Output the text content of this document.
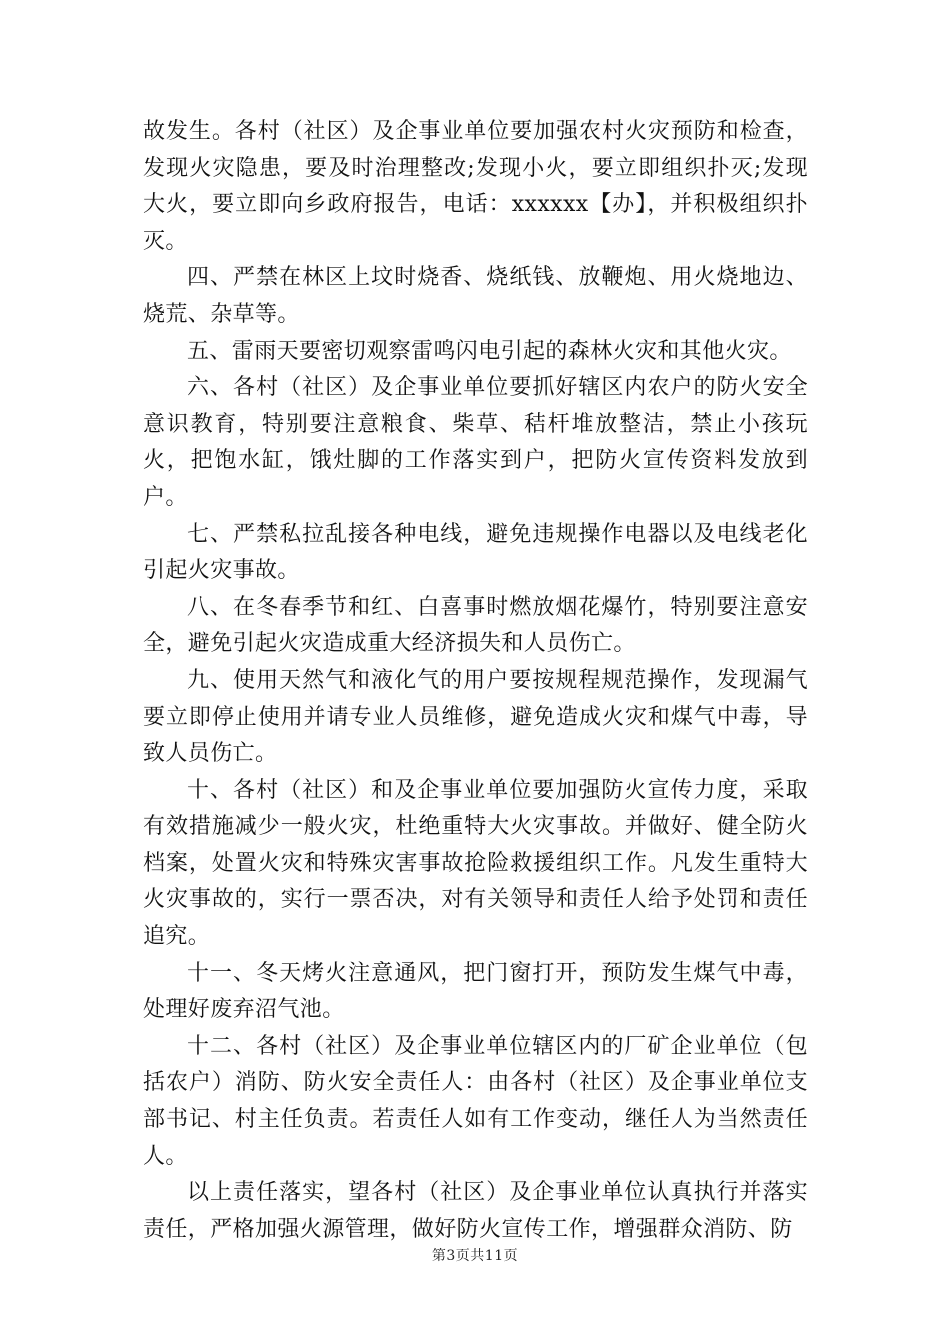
故发生。各村（社区）及企事业单位要加强农村火灾预防和检查，发现火灾隐患，要及时治理整改;发现小火，要立即组织扑灭;发现大火，要立即向乡政府报告，电话：xxxxxx【办】，并积极组织扑灭。

四、严禁在林区上坟时烧香、烧纸钱、放鞭炮、用火烧地边、烧荒、杂草等。

五、雷雨天要密切观察雷鸣闪电引起的森林火灾和其他火灾。

六、各村（社区）及企事业单位要抓好辖区内农户的防火安全意识教育，特别要注意粮食、柴草、秸杆堆放整洁，禁止小孩玩火，把饱水缸，饿灶脚的工作落实到户，把防火宣传资料发放到户。

七、严禁私拉乱接各种电线，避免违规操作电器以及电线老化引起火灾事故。

八、在冬春季节和红、白喜事时燃放烟花爆竹，特别要注意安全，避免引起火灾造成重大经济损失和人员伤亡。

九、使用天然气和液化气的用户要按规程规范操作，发现漏气要立即停止使用并请专业人员维修，避免造成火灾和煤气中毒，导致人员伤亡。

十、各村（社区）和及企事业单位要加强防火宣传力度，采取有效措施减少一般火灾，杜绝重特大火灾事故。并做好、健全防火档案，处置火灾和特殊灾害事故抢险救援组织工作。凡发生重特大火灾事故的，实行一票否决，对有关领导和责任人给予处罚和责任追究。

十一、冬天烤火注意通风，把门窗打开，预防发生煤气中毒，处理好废弃沼气池。

十二、各村（社区）及企事业单位辖区内的厂矿企业单位（包括农户）消防、防火安全责任人：由各村（社区）及企事业单位支部书记、村主任负责。若责任人如有工作变动，继任人为当然责任人。

以上责任落实，望各村（社区）及企事业单位认真执行并落实责任，严格加强火源管理，做好防火宣传工作，增强群众消防、防

第3页共11页
